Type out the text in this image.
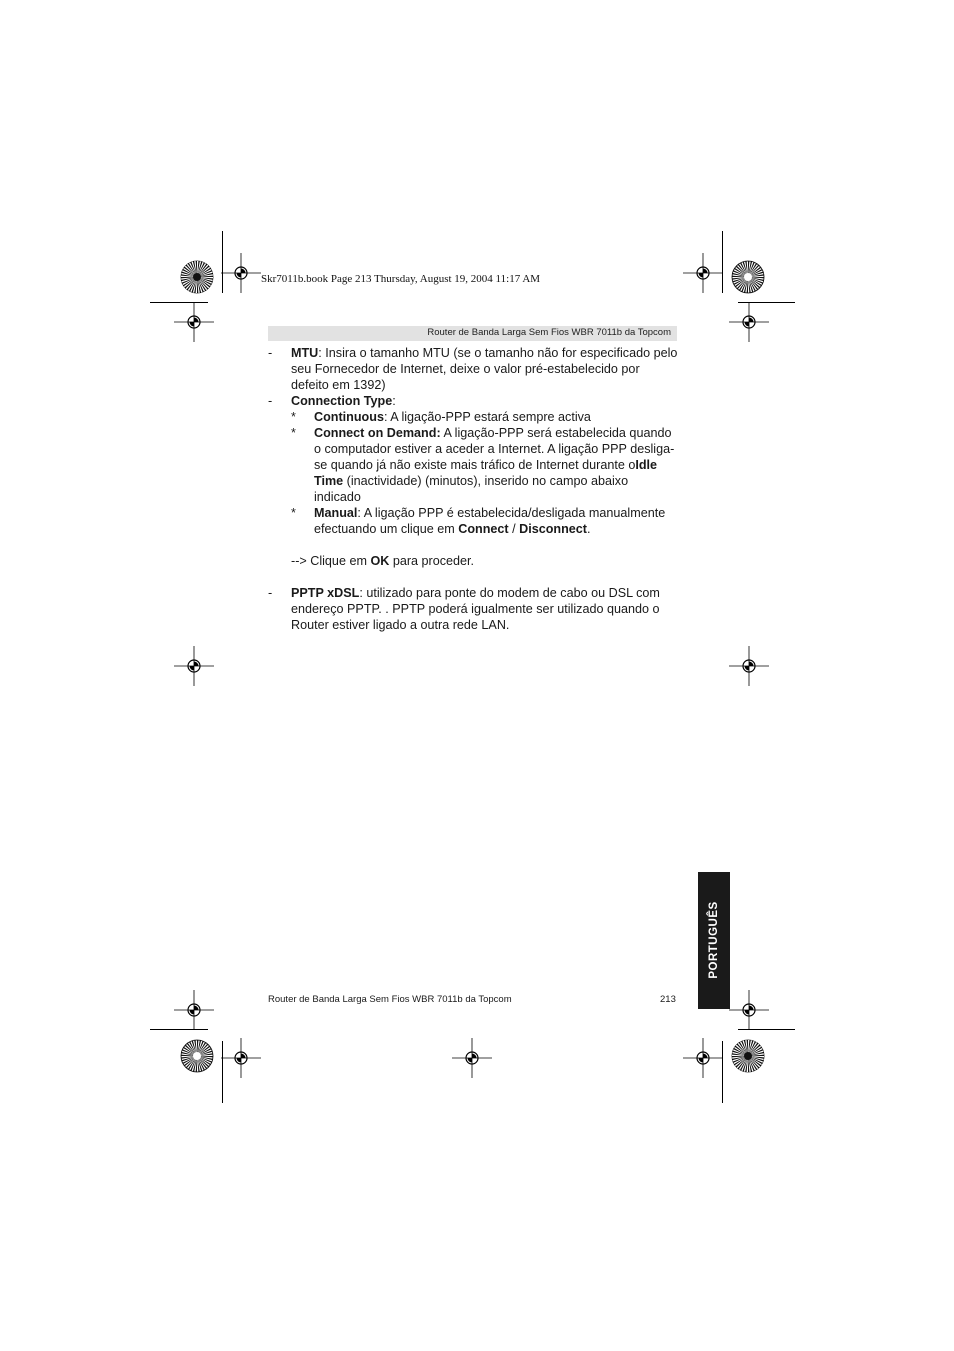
Skr7011b.book Page 213 Thursday, August 19, 2004 11:17 AM
Router de Banda Larga Sem Fios WBR 7011b da Topcom
- MTU: Insira o tamanho MTU (se o tamanho não for especificado pelo
seu Fornecedor de Internet, deixe o valor pré-estabelecido por
defeito em 1392)
- Connection Type:
* Continuous: A ligação-PPP estará sempre activa
* Connect on Demand: A ligação-PPP será estabelecida quando
o computador estiver a aceder a Internet. A ligação PPP desliga-
se quando já não existe mais tráfico de Internet durante oIdle
Time (inactividade) (minutos), inserido no campo abaixo
indicado
* Manual: A ligação PPP é estabelecida/desligada manualmente
efectuando um clique em Connect / Disconnect.
--> Clique em OK para proceder.
- PPTP xDSL: utilizado para ponte do modem de cabo ou DSL com
endereço PPTP. . PPTP poderá igualmente ser utilizado quando o
Router estiver ligado a outra rede LAN.
PORTUGUÊS
Router de Banda Larga Sem Fios WBR 7011b da Topcom	213
